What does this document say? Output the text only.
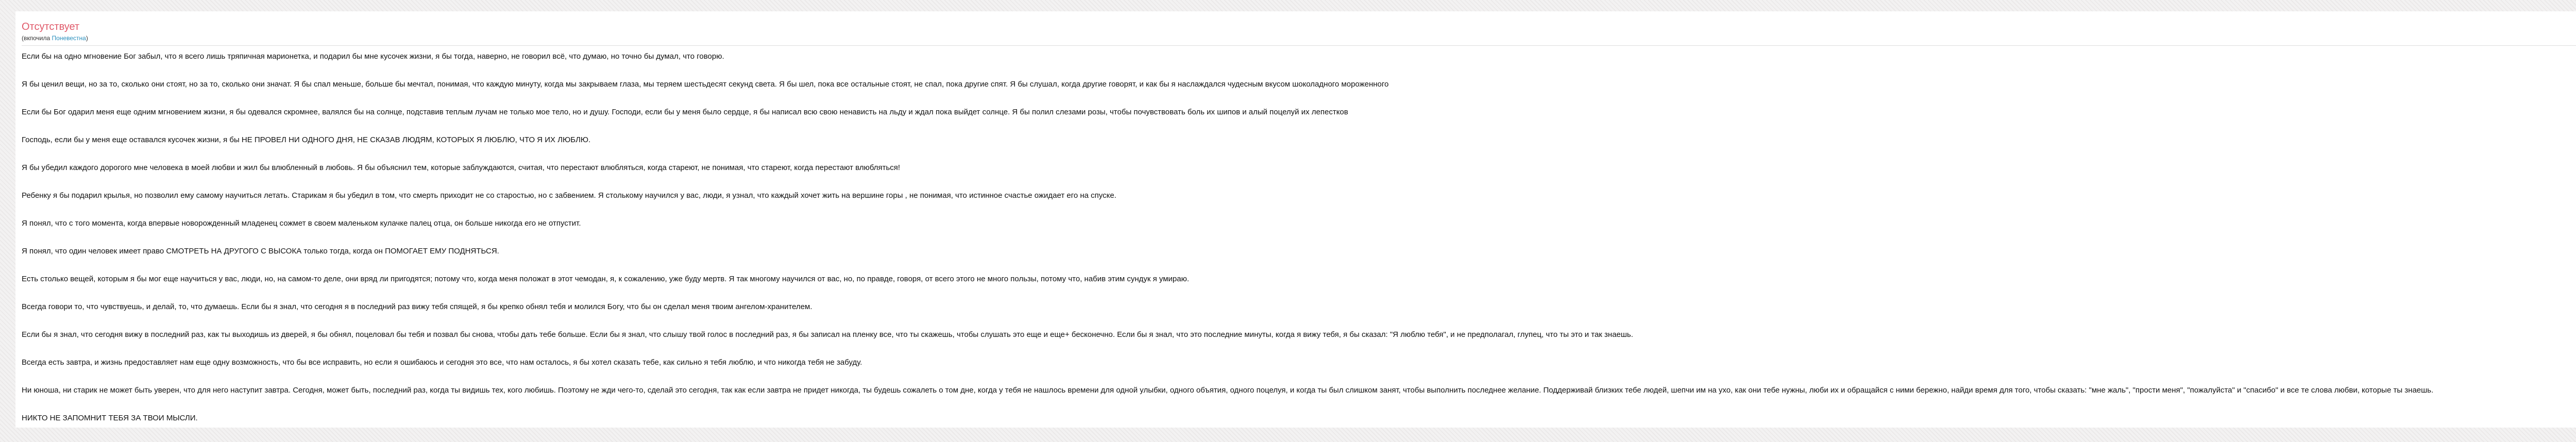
Отсутствует
(вкпочила Поневестна)

Если бы на одно мгновение Бог забыл, что я всего лишь тряпичная марионетка, и подарил бы мне кусочек жизни, я бы тогда, наверно, не говорил всё, что думаю, но точно бы думал, что говорю.

Я бы ценил вещи, но за то, сколько они стоят, но за то, сколько они значат. Я бы спал меньше, больше бы мечтал, понимая, что каждую минуту, когда мы закрываем глаза, мы теряем шестьдесят секунд света. Я бы шел, пока все остальные стоят, не спал, пока другие спят. Я бы слушал, когда другие говорят, и как бы я наслаждался чудесным вкусом шоколадного мороженного

Если бы Бог одарил меня еще одним мгновением жизни, я бы одевался скромнее, валялся бы на солнце, подставив теплым лучам не только мое тело, но и душу. Господи, если бы у меня было сердце, я бы написал всю свою ненависть на льду и ждал пока выйдет солнце. Я бы полил слезами розы, чтобы почувствовать боль их шипов и алый поцелуй их лепестков

Господь, если бы у меня еще оставался кусочек жизни, я бы НЕ ПРОВЕЛ НИ ОДНОГО ДНЯ, НЕ СКАЗАВ ЛЮДЯМ, КОТОРЫХ Я ЛЮБЛЮ, ЧТО Я ИХ ЛЮБЛЮ.

Я бы убедил каждого дорогого мне человека в моей любви и жил бы влюбленный в любовь. Я бы объяснил тем, которые заблуждаются, считая, что перестают влюбляться, когда стареют, не понимая, что стареют, когда перестают влюбляться!

Ребенку я бы подарил крылья, но позволил ему самому научиться летать. Старикам я бы убедил в том, что смерть приходит не со старостью, но с забвением. Я столькому научился у вас, люди, я узнал, что каждый хочет жить на вершине горы , не понимая, что истинное счастье ожидает его на спуске.

Я понял, что с того момента, когда впервые новорожденный младенец сожмет в своем маленьком кулачке палец отца, он больше никогда его не отпустит.

Я понял, что один человек имеет право СМОТРЕТЬ НА ДРУГОГО С ВЫСОКА только тогда, когда он ПОМОГАЕТ ЕМУ ПОДНЯТЬСЯ.

Есть столько вещей, которым я бы мог еще научиться у вас, люди, но, на самом-то деле, они вряд ли пригодятся; потому что, когда меня положат в этот чемодан, я, к сожалению, уже буду мертв. Я так многому научился от вас, но, по правде, говоря, от всего этого не много пользы, потому что, набив этим сундук я умираю.

Всегда говори то, что чувствуешь, и делай, то, что думаешь. Если бы я знал, что сегодня я в последний раз вижу тебя спящей, я бы крепко обнял тебя и молился Богу, что бы он сделал меня твоим ангелом-хранителем.

Если бы я знал, что сегодня вижу в последний раз, как ты выходишь из дверей, я бы обнял, поцеловал бы тебя и позвал бы снова, чтобы дать тебе больше. Если бы я знал, что слышу твой голос в последний раз, я бы записал на пленку все, что ты скажешь, чтобы слушать это еще и еще+ бесконечно. Если бы я знал, что это последние минуты, когда я вижу тебя, я бы сказал: "Я люблю тебя", и не предполагал, глупец, что ты это и так знаешь.

Всегда есть завтра, и жизнь предоставляет нам еще одну возможность, что бы все исправить, но если я ошибаюсь и сегодня это все, что нам осталось, я бы хотел сказать тебе, как сильно я тебя люблю, и что никогда тебя не забуду.

Ни юноша, ни старик не может быть уверен, что для него наступит завтра. Сегодня, может быть, последний раз, когда ты видишь тех, кого любишь. Поэтому не жди чего-то, сделай это сегодня, так как если завтра не придет никогда, ты будешь сожалеть о том дне, когда у тебя не нашлось времени для одной улыбки, одного объятия, одного поцелуя, и когда ты был слишком занят, чтобы выполнить последнее желание. Поддерживай близких тебе людей, шепчи им на ухо, как они тебе нужны, люби их и обращайся с ними бережно, найди время для того, чтобы сказать: "мне жаль", "прости меня", "пожалуйста" и "спасибо" и все те слова любви, которые ты знаешь.

НИКТО НЕ ЗАПОМНИТ ТЕБЯ ЗА ТВОИ МЫСЛИ.
